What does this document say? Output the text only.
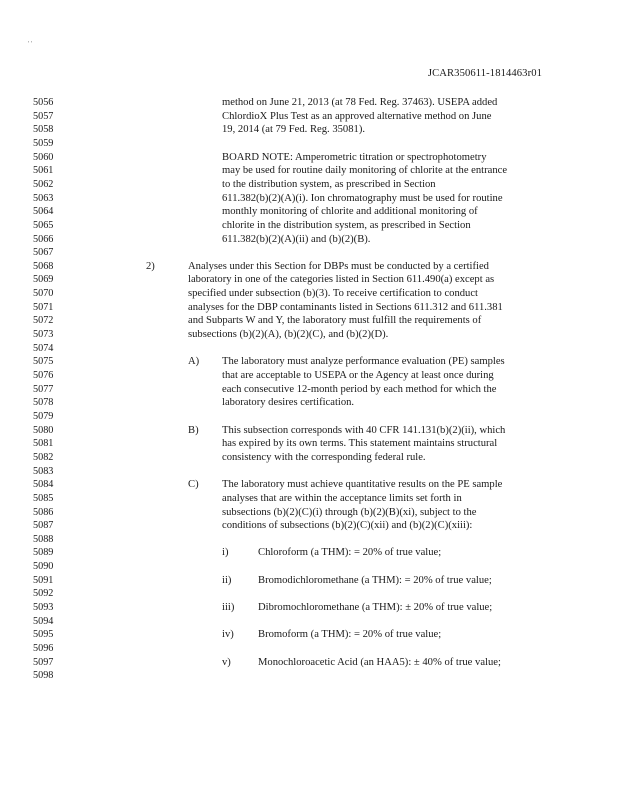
' '
JCAR350611-1814463r01
5056	method on June 21, 2013 (at 78 Fed. Reg. 37463). USEPA added
5057	ChlordioX Plus Test as an approved alternative method on June
5058	19, 2014 (at 79 Fed. Reg. 35081).
5059
5060	BOARD NOTE: Amperometric titration or spectrophotometry
5061	may be used for routine daily monitoring of chlorite at the entrance
5062	to the distribution system, as prescribed in Section
5063	611.382(b)(2)(A)(i). Ion chromatography must be used for routine
5064	monthly monitoring of chlorite and additional monitoring of
5065	chlorite in the distribution system, as prescribed in Section
5066	611.382(b)(2)(A)(ii) and (b)(2)(B).
5067
5068	2)	Analyses under this Section for DBPs must be conducted by a certified
5069	laboratory in one of the categories listed in Section 611.490(a) except as
5070	specified under subsection (b)(3). To receive certification to conduct
5071	analyses for the DBP contaminants listed in Sections 611.312 and 611.381
5072	and Subparts W and Y, the laboratory must fulfill the requirements of
5073	subsections (b)(2)(A), (b)(2)(C), and (b)(2)(D).
5074
5075	A) The laboratory must analyze performance evaluation (PE) samples
5076	that are acceptable to USEPA or the Agency at least once during
5077	each consecutive 12-month period by each method for which the
5078	laboratory desires certification.
5079
5080	B) This subsection corresponds with 40 CFR 141.131(b)(2)(ii), which
5081	has expired by its own terms. This statement maintains structural
5082	consistency with the corresponding federal rule.
5083
5084	C) The laboratory must achieve quantitative results on the PE sample
5085	analyses that are within the acceptance limits set forth in
5086	subsections (b)(2)(C)(i) through (b)(2)(B)(xi), subject to the
5087	conditions of subsections (b)(2)(C)(xii) and (b)(2)(C)(xiii):
5088
5089	i)	Chloroform (a THM): = 20% of true value;
5090
5091	ii)	Bromodichloromethane (a THM): = 20% of true value;
5092
5093	iii) Dibromochloromethane (a THM): ± 20% of true value;
5094
5095	iv) Bromoform (a THM): = 20% of true value;
5096
5097	v)	Monochloroacetic Acid (an HAA5): ± 40% of true value;
5098
